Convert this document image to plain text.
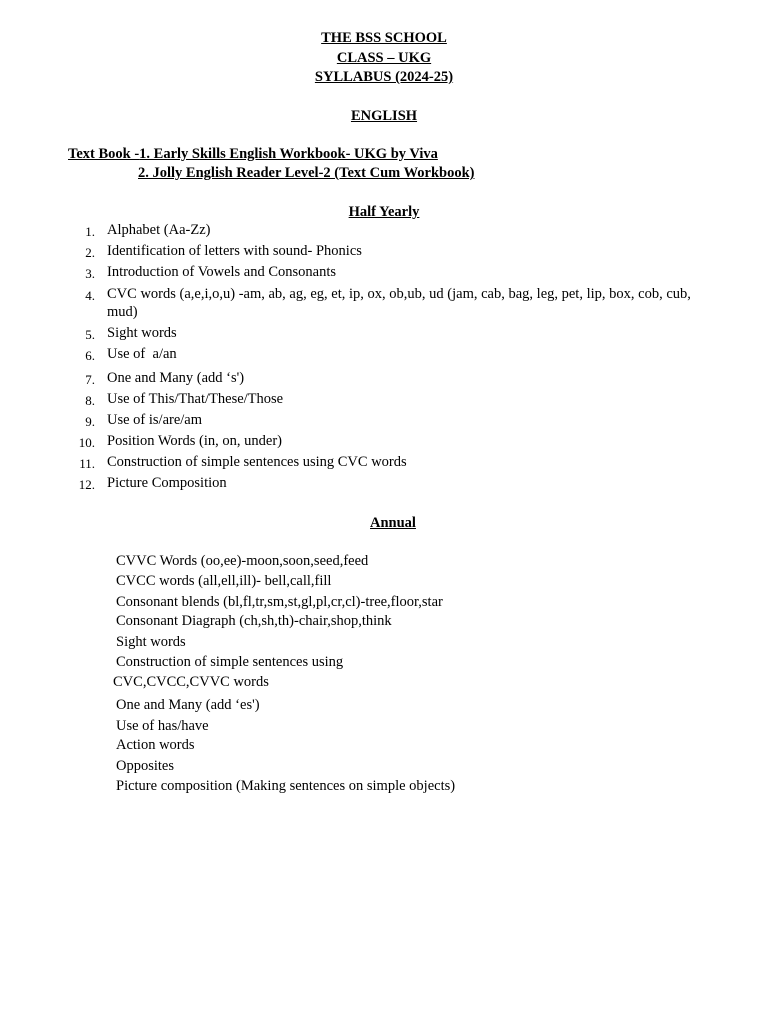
THE BSS SCHOOL
CLASS – UKG
SYLLABUS (2024-25)
ENGLISH
Text Book -1. Early Skills English Workbook- UKG by Viva
2. Jolly English Reader Level-2 (Text Cum Workbook)
Half Yearly
1. Alphabet (Aa-Zz)
2. Identification of letters with sound- Phonics
3. Introduction of Vowels and Consonants
4. CVC words (a,e,i,o,u) -am, ab, ag, eg, et, ip, ox, ob,ub, ud (jam, cab, bag, leg, pet, lip, box, cob, cub, mud)
5. Sight words
6. Use of  a/an
7. One and Many (add ‘s')
8. Use of This/That/These/Those
9. Use of is/are/am
10. Position Words (in, on, under)
11. Construction of simple sentences using CVC words
12. Picture Composition
Annual
CVVC Words (oo,ee)-moon,soon,seed,feed
CVCC words (all,ell,ill)- bell,call,fill
Consonant blends (bl,fl,tr,sm,st,gl,pl,cr,cl)-tree,floor,star
Consonant Diagraph (ch,sh,th)-chair,shop,think
Sight words
Construction of simple sentences using
CVC,CVCC,CVVC words
One and Many (add ‘es')
Use of has/have
Action words
Opposites
Picture composition (Making sentences on simple objects)
